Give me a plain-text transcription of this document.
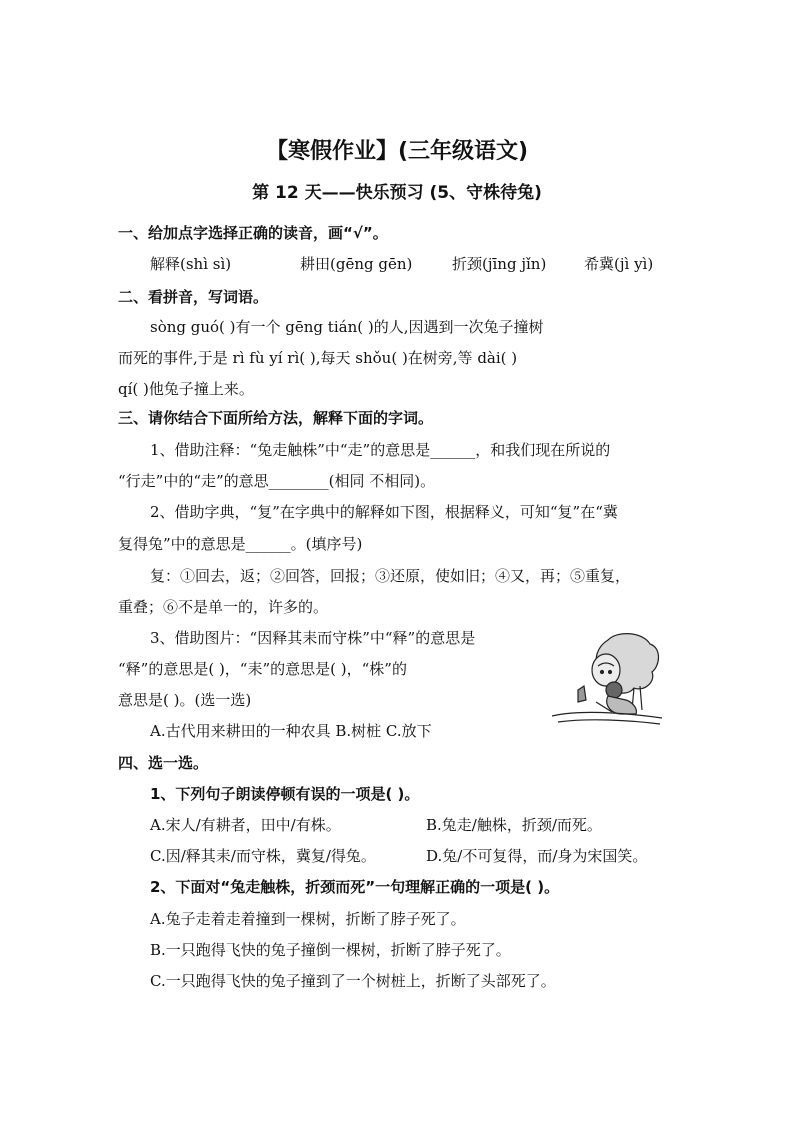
【寒假作业】(三年级语文)
第 12 天——快乐预习 (5、守株待兔)
一、给加点字选择正确的读音，画“√”。
解释(shì sì)	耕田(gēng gēn)	折颈(jīng jǐn)	希冀(jì yì)
二、看拼音，写词语。
sòng guó( )有一个 gēng tián( )的人,因遇到一次兔子撞树
而死的事件,于是 rì fù yí rì( ),每天 shǒu( )在树旁,等 dài( )
qí( )他兔子撞上来。
三、请你结合下面所给方法，解释下面的字词。
1、借助注释：“兔走触株”中“走”的意思是______，和我们现在所说的
“行走”中的“走”的意思________(相同 不相同)。
2、借助字典，“复”在字典中的解释如下图，根据释义，可知“复”在“冀
复得兔”中的意思是______。(填序号)
复：①回去，返；②回答，回报；③还原，使如旧；④又，再；⑤重复，
重叠；⑥不是单一的，许多的。
3、借助图片：“因释其耒而守株”中“释”的意思是
“释”的意思是( )，“耒”的意思是( )，“株”的
意思是( )。(选一选)
A.古代用来耕田的一种农具 B.树桩 C.放下
四、选一选。
1、下列句子朗读停顿有误的一项是( )。
A.宋人/有耕者，田中/有株。	B.兔走/触株，折颈/而死。
C.因/释其耒/而守株，冀复/得兔。	D.兔/不可复得，而/身为宋国笑。
2、下面对“兔走触株，折颈而死”一句理解正确的一项是( )。
A.兔子走着走着撞到一棵树，折断了脖子死了。
B.一只跑得飞快的兔子撞倒一棵树，折断了脖子死了。
C.一只跑得飞快的兔子撞到了一个树桩上，折断了头部死了。
